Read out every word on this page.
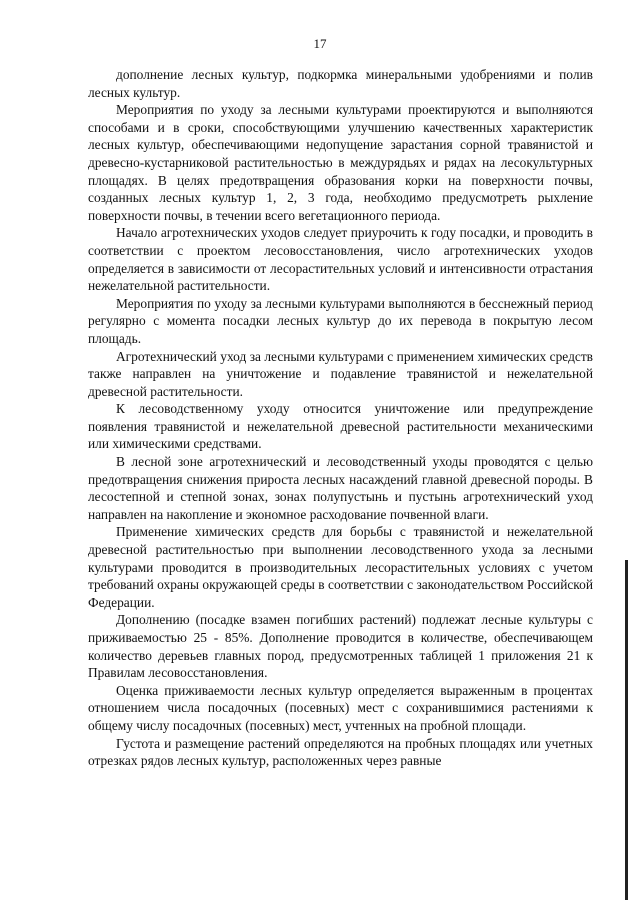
17

дополнение лесных культур, подкормка минеральными удобрениями и полив лесных культур.

Мероприятия по уходу за лесными культурами проектируются и выполняются способами и в сроки, способствующими улучшению качественных характеристик лесных культур, обеспечивающими недопущение зарастания сорной травянистой и древесно-кустарниковой растительностью в междурядьях и рядах на лесокультурных площадях. В целях предотвращения образования корки на поверхности почвы, созданных лесных культур 1, 2, 3 года, необходимо предусмотреть рыхление поверхности почвы, в течении всего вегетационного периода.

Начало агротехнических уходов следует приурочить к году посадки, и проводить в соответствии с проектом лесовосстановления, число агротехнических уходов определяется в зависимости от лесорастительных условий и интенсивности отрастания нежелательной растительности.

Мероприятия по уходу за лесными культурами выполняются в бесснежный период регулярно с момента посадки лесных культур до их перевода в покрытую лесом площадь.

Агротехнический уход за лесными культурами с применением химических средств также направлен на уничтожение и подавление травянистой и нежелательной древесной растительности.

К лесоводственному уходу относится уничтожение или предупреждение появления травянистой и нежелательной древесной растительности механическими или химическими средствами.

В лесной зоне агротехнический и лесоводственный уходы проводятся с целью предотвращения снижения прироста лесных насаждений главной древесной породы. В лесостепной и степной зонах, зонах полупустынь и пустынь агротехнический уход направлен на накопление и экономное расходование почвенной влаги.

Применение химических средств для борьбы с травянистой и нежелательной древесной растительностью при выполнении лесоводственного ухода за лесными культурами проводится в производительных лесорастительных условиях с учетом требований охраны окружающей среды в соответствии с законодательством Российской Федерации.

Дополнению (посадке взамен погибших растений) подлежат лесные культуры с приживаемостью 25 - 85%. Дополнение проводится в количестве, обеспечивающем количество деревьев главных пород, предусмотренных таблицей 1 приложения 21 к Правилам лесовосстановления.

Оценка приживаемости лесных культур определяется выраженным в процентах отношением числа посадочных (посевных) мест с сохранившимися растениями к общему числу посадочных (посевных) мест, учтенных на пробной площади.

Густота и размещение растений определяются на пробных площадях или учетных отрезках рядов лесных культур, расположенных через равные
